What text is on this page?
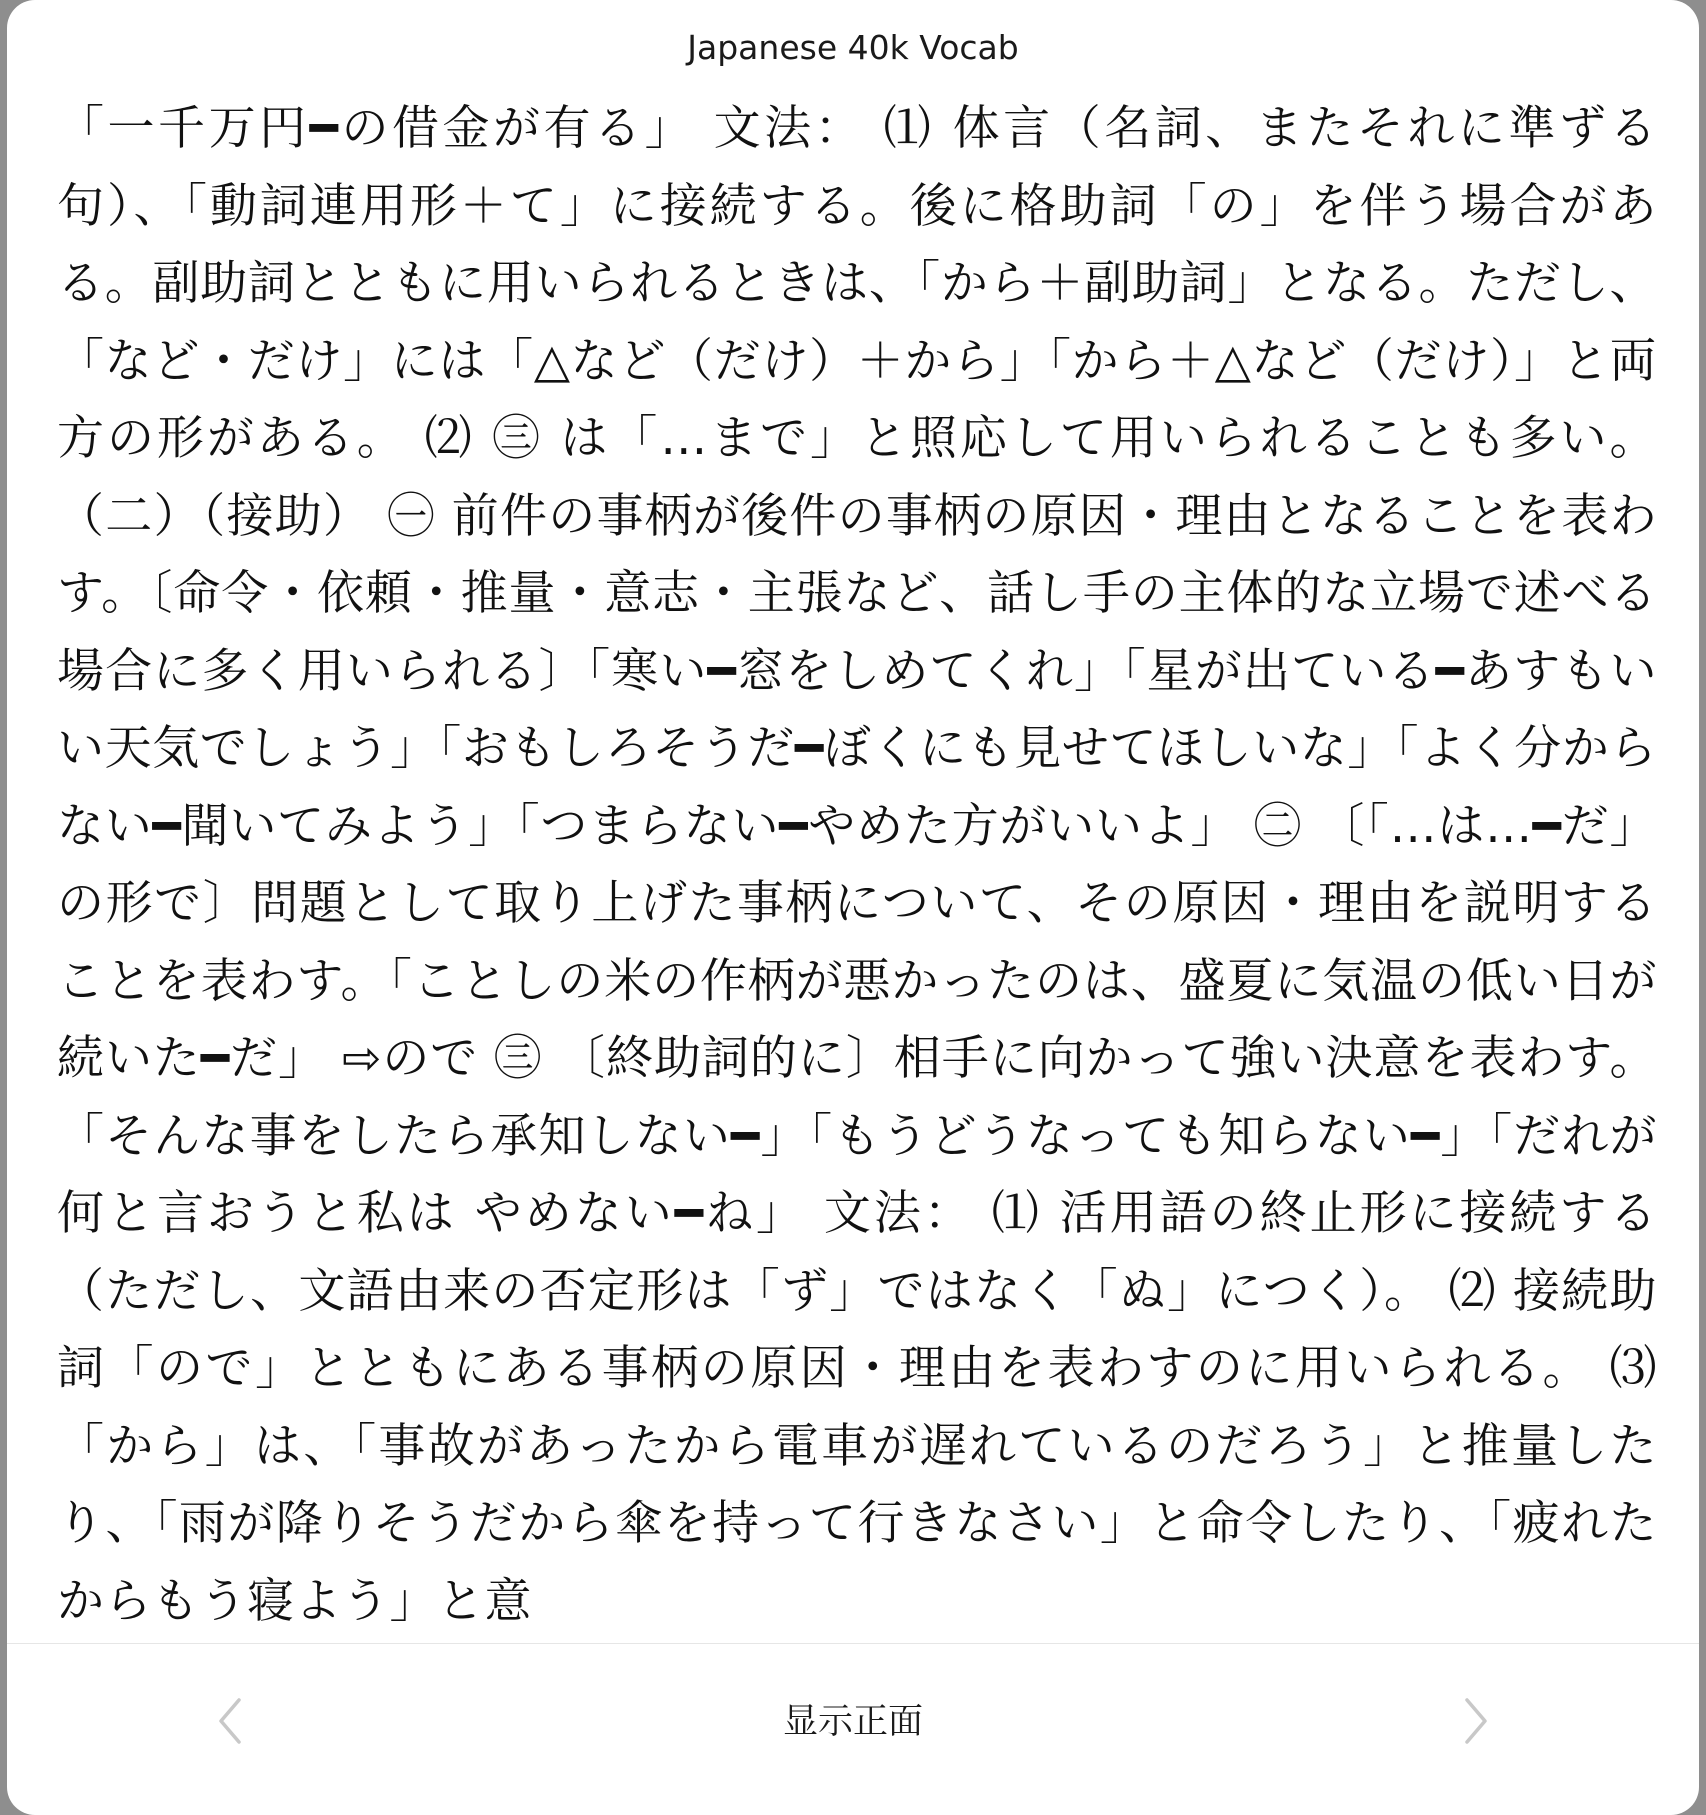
Japanese 40k Vocab

「一千万円━の借金が有る」 文法： ⑴ 体言（名詞、またそれに準ずる句）、「動詞連用形＋て」に接続する。後に格助詞「の」を伴う場合がある。副助詞とともに用いられるときは、「から＋副助詞」となる。ただし、「など・だけ」には「△など（だけ）＋から」「から＋△など（だけ）」と両方の形がある。 ⑵ ㊂ は「…まで」と照応して用いられることも多い。 （二）（接助） ㊀ 前件の事柄が後件の事柄の原因・理由となることを表わす。〔命令・依頼・推量・意志・主張など、話し手の主体的な立場で述べる場合に多く用いられる〕「寒い━窓をしめてくれ」「星が出ている━あすもいい天気でしょう」「おもしろそうだ━ぼくにも見せてほしいな」「よく分からない━聞いてみよう」「つまらない━やめた方がいいよ」 ㊁ 〔「…は…━だ」の形で〕問題として取り上げた事柄について、その原因・理由を説明することを表わす。「ことしの米の作柄が悪かったのは、盛夏に気温の低い日が続いた━だ」 ⇨ので ㊂ 〔終助詞的に〕相手に向かって強い決意を表わす。「そんな事をしたら承知しない━」「もうどうなっても知らない━」「だれが何と言おうと私は やめない━ね」 文法： ⑴ 活用語の終止形に接続する（ただし、文語由来の否定形は「ず」ではなく「ぬ」につく）。 ⑵ 接続助詞「ので」とともにある事柄の原因・理由を表わすのに用いられる。 ⑶ 「から」は、「事故があったから電車が遅れているのだろう」と推量したり、「雨が降りそうだから傘を持って行きなさい」と命令したり、「疲れたからもう寝よう」と意

显示正面
